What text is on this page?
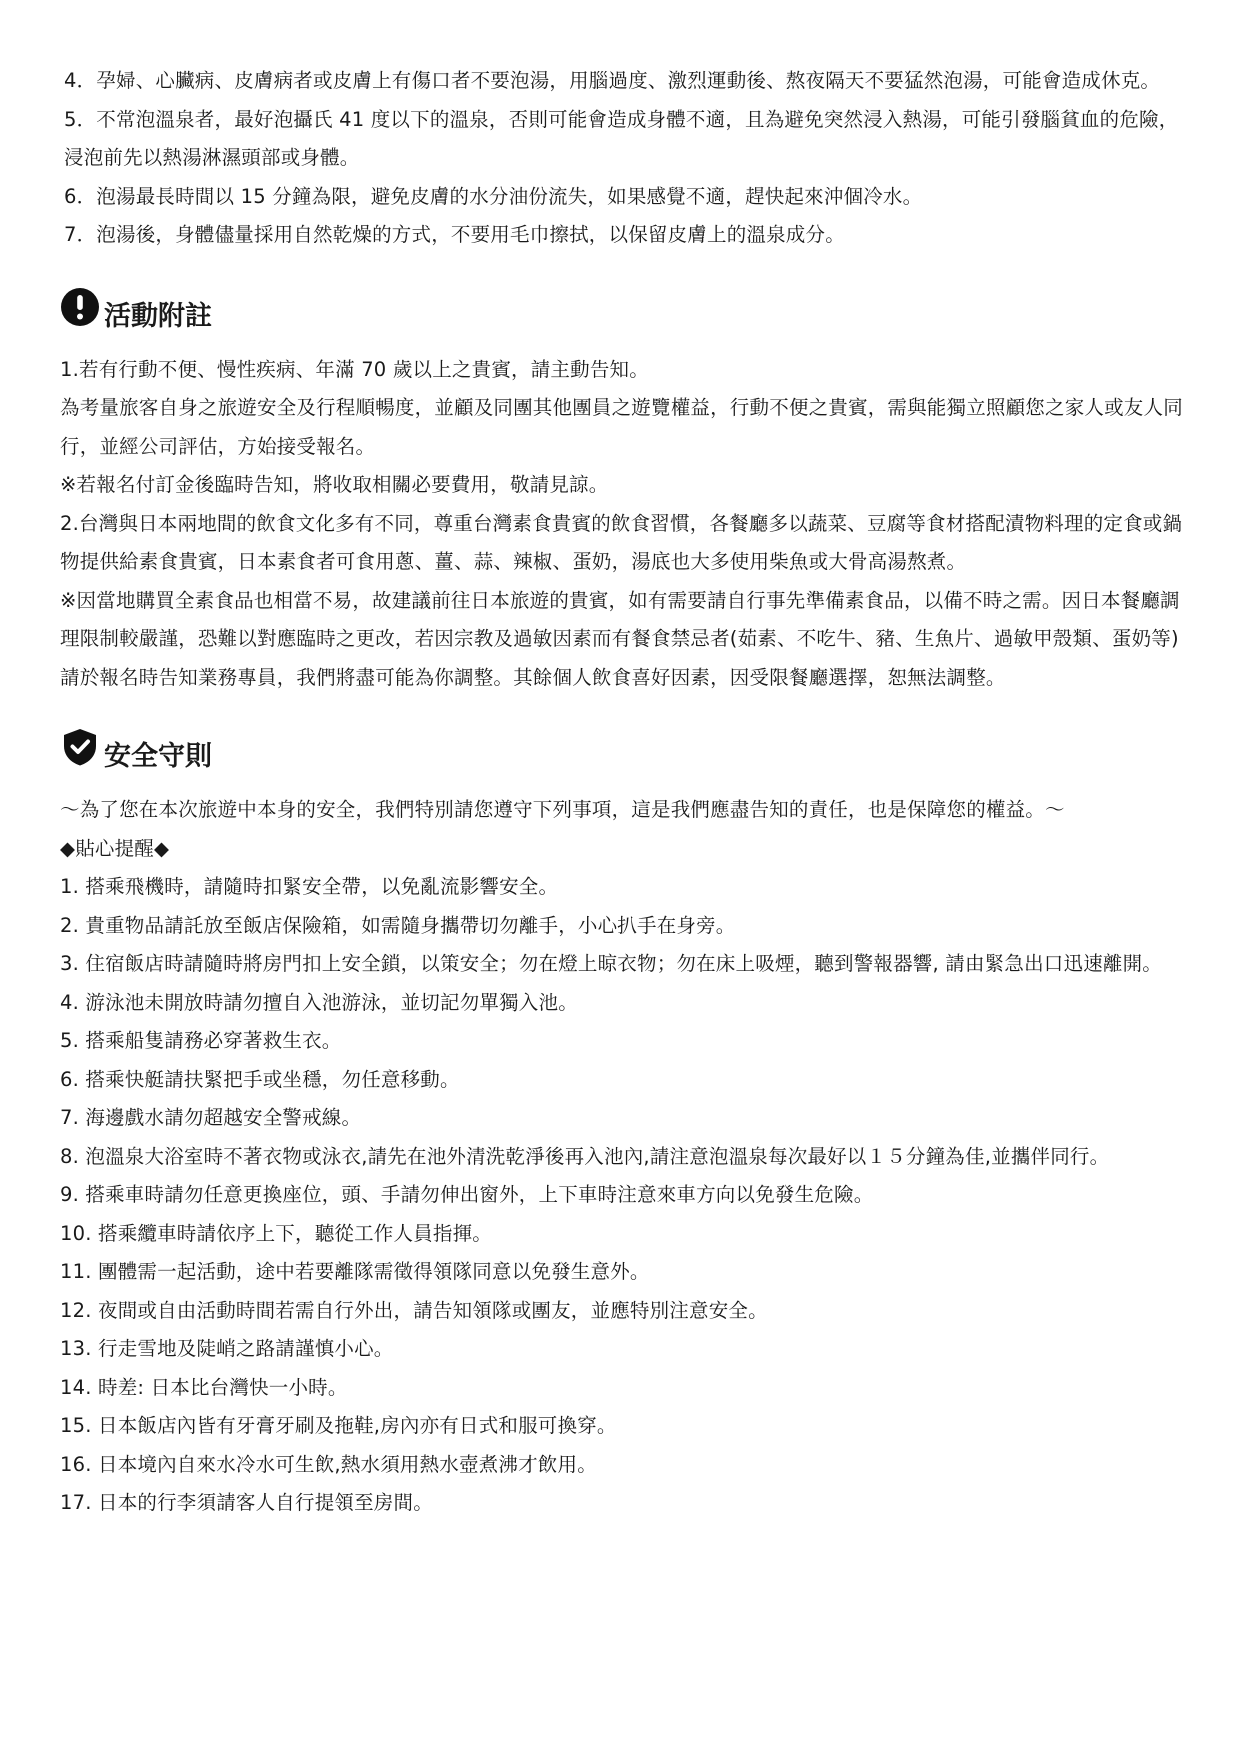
4．孕婦、心臟病、皮膚病者或皮膚上有傷口者不要泡湯，用腦過度、激烈運動後、熬夜隔天不要猛然泡湯，可能會造成休克。

5．不常泡溫泉者，最好泡攝氏 41 度以下的溫泉，否則可能會造成身體不適，且為避免突然浸入熱湯，可能引發腦貧血的危險，浸泡前先以熱湯淋濕頭部或身體。

6．泡湯最長時間以 15 分鐘為限，避免皮膚的水分油份流失，如果感覺不適，趕快起來沖個冷水。

7．泡湯後，身體儘量採用自然乾燥的方式，不要用毛巾擦拭，以保留皮膚上的溫泉成分。

活動附註

1.若有行動不便、慢性疾病、年滿 70 歲以上之貴賓，請主動告知。

為考量旅客自身之旅遊安全及行程順暢度，並顧及同團其他團員之遊覽權益，行動不便之貴賓，需與能獨立照顧您之家人或友人同行，並經公司評估，方始接受報名。

※若報名付訂金後臨時告知，將收取相關必要費用，敬請見諒。

2.台灣與日本兩地間的飲食文化多有不同，尊重台灣素食貴賓的飲食習慣，各餐廳多以蔬菜、豆腐等食材搭配漬物料理的定食或鍋物提供給素食貴賓，日本素食者可食用蔥、薑、蒜、辣椒、蛋奶，湯底也大多使用柴魚或大骨高湯熬煮。

※因當地購買全素食品也相當不易，故建議前往日本旅遊的貴賓，如有需要請自行事先準備素食品，以備不時之需。因日本餐廳調理限制較嚴謹，恐難以對應臨時之更改，若因宗教及過敏因素而有餐食禁忌者(茹素、不吃牛、豬、生魚片、過敏甲殼類、蛋奶等)請於報名時告知業務專員，我們將盡可能為你調整。其餘個人飲食喜好因素，因受限餐廳選擇，恕無法調整。

安全守則

～為了您在本次旅遊中本身的安全，我們特別請您遵守下列事項，這是我們應盡告知的責任，也是保障您的權益。～

◆貼心提醒◆

1. 搭乘飛機時，請隨時扣緊安全帶，以免亂流影響安全。

2. 貴重物品請託放至飯店保險箱，如需隨身攜帶切勿離手，小心扒手在身旁。

3. 住宿飯店時請隨時將房門扣上安全鎖，以策安全；勿在燈上晾衣物；勿在床上吸煙，聽到警報器響, 請由緊急出口迅速離開。

4. 游泳池未開放時請勿擅自入池游泳，並切記勿單獨入池。

5. 搭乘船隻請務必穿著救生衣。

6. 搭乘快艇請扶緊把手或坐穩，勿任意移動。

7. 海邊戲水請勿超越安全警戒線。

8. 泡溫泉大浴室時不著衣物或泳衣,請先在池外清洗乾淨後再入池內,請注意泡溫泉每次最好以１５分鐘為佳,並攜伴同行。

9. 搭乘車時請勿任意更換座位，頭、手請勿伸出窗外，上下車時注意來車方向以免發生危險。

10. 搭乘纜車時請依序上下，聽從工作人員指揮。

11. 團體需一起活動，途中若要離隊需徵得領隊同意以免發生意外。

12. 夜間或自由活動時間若需自行外出，請告知領隊或團友，並應特別注意安全。

13. 行走雪地及陡峭之路請謹慎小心。

14. 時差: 日本比台灣快一小時。

15. 日本飯店內皆有牙膏牙刷及拖鞋,房內亦有日式和服可換穿。

16. 日本境內自來水冷水可生飲,熱水須用熱水壺煮沸才飲用。

17. 日本的行李須請客人自行提領至房間。
